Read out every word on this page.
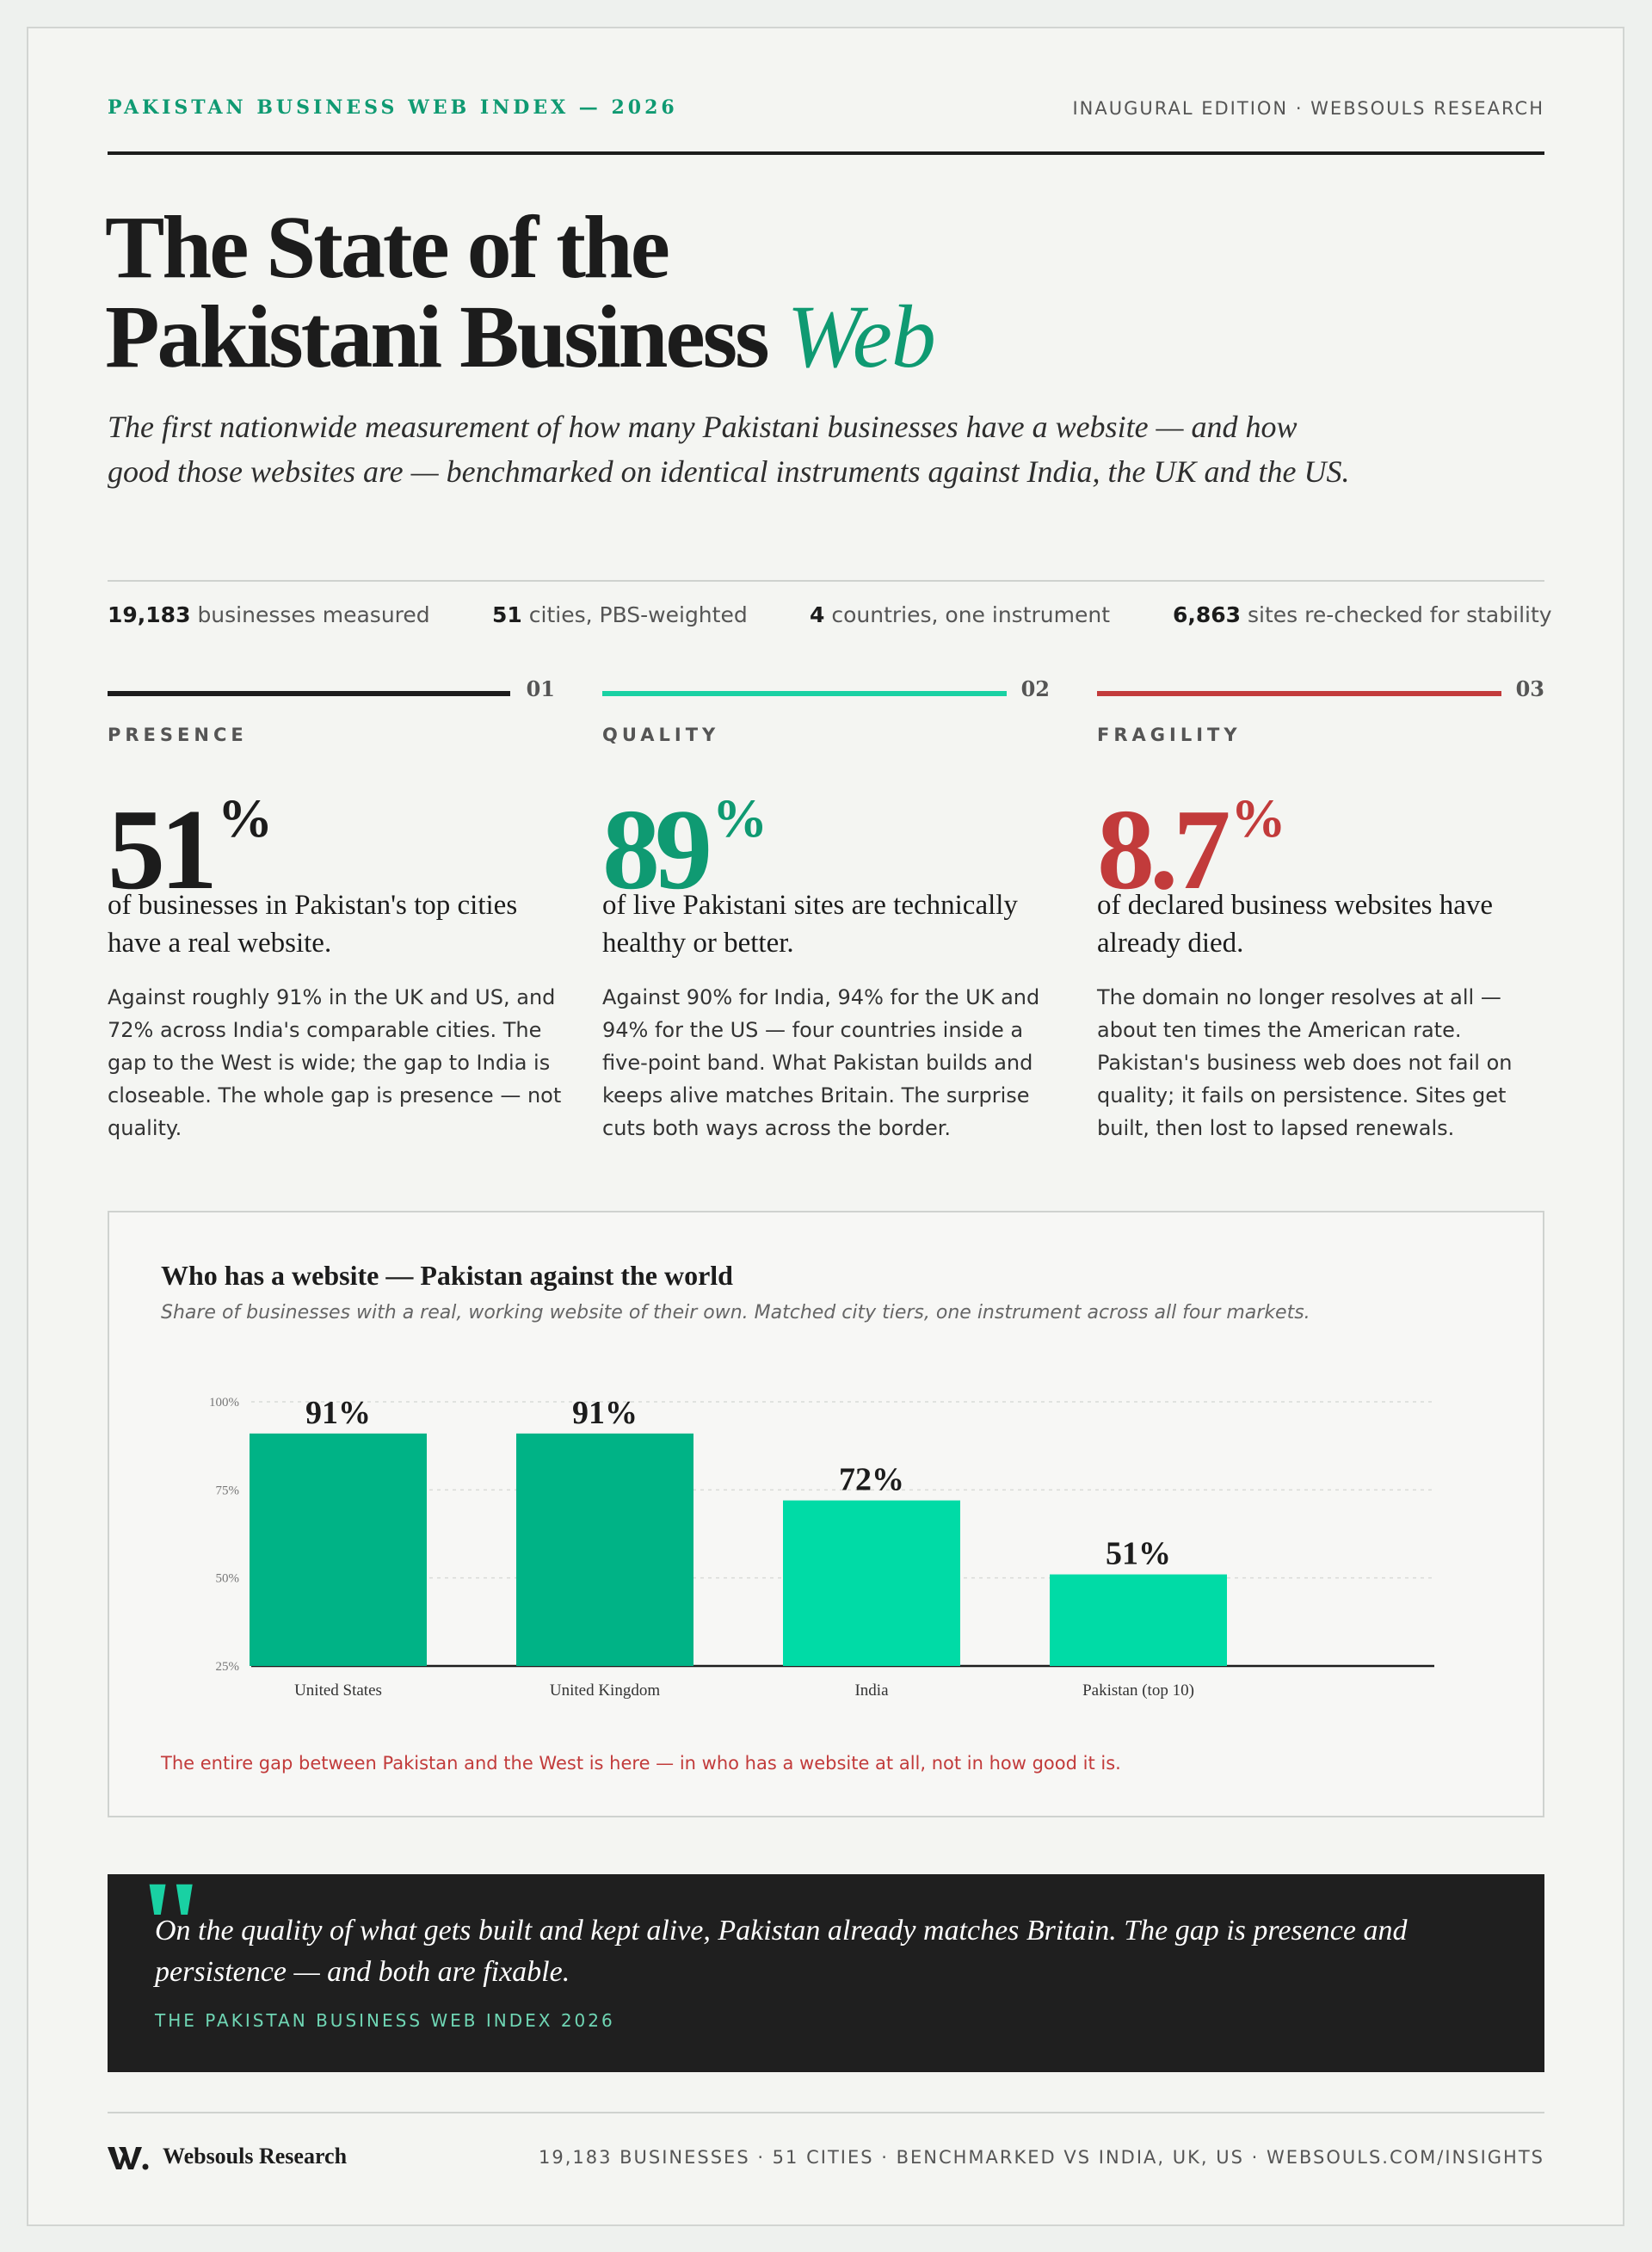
PAKISTAN BUSINESS WEB INDEX — 2026	INAUGURAL EDITION · WEBSOULS RESEARCH
The State of the
Pakistani Business Web

The first nationwide measurement of how many Pakistani businesses have a website — and how good those websites are — benchmarked on identical instruments against India, the UK and the US.

19,183 businesses measured	51 cities, PBS-weighted	4 countries, one instrument	6,863 sites re-checked for stability
01
PRESENCE
51%
of businesses in Pakistan's top cities have a real website.
Against roughly 91% in the UK and US, and 72% across India's comparable cities. The gap to the West is wide; the gap to India is closeable. The whole gap is presence — not quality.
02
QUALITY
89%
of live Pakistani sites are technically healthy or better.
Against 90% for India, 94% for the UK and 94% for the US — four countries inside a five-point band. What Pakistan builds and keeps alive matches Britain. The surprise cuts both ways across the border.
03
FRAGILITY
8.7%
of declared business websites have already died.
The domain no longer resolves at all — about ten times the American rate. Pakistan's business web does not fail on quality; it fails on persistence. Sites get built, then lost to lapsed renewals.
Who has a website — Pakistan against the world
Share of businesses with a real, working website of their own. Matched city tiers, one instrument across all four markets.
25%
50%
75%
100% 91%
United States
91%
United Kingdom
72%
India
51%
Pakistan (top 10)
The entire gap between Pakistan and the West is here — in who has a website at all, not in how good it is.
"
On the quality of what gets built and kept alive, Pakistan already matches Britain. The gap is presence and persistence — and both are fixable.
THE PAKISTAN BUSINESS WEB INDEX 2026
Websouls Research	19,183 BUSINESSES · 51 CITIES · BENCHMARKED VS INDIA, UK, US · WEBSOULS.COM/INSIGHTS
